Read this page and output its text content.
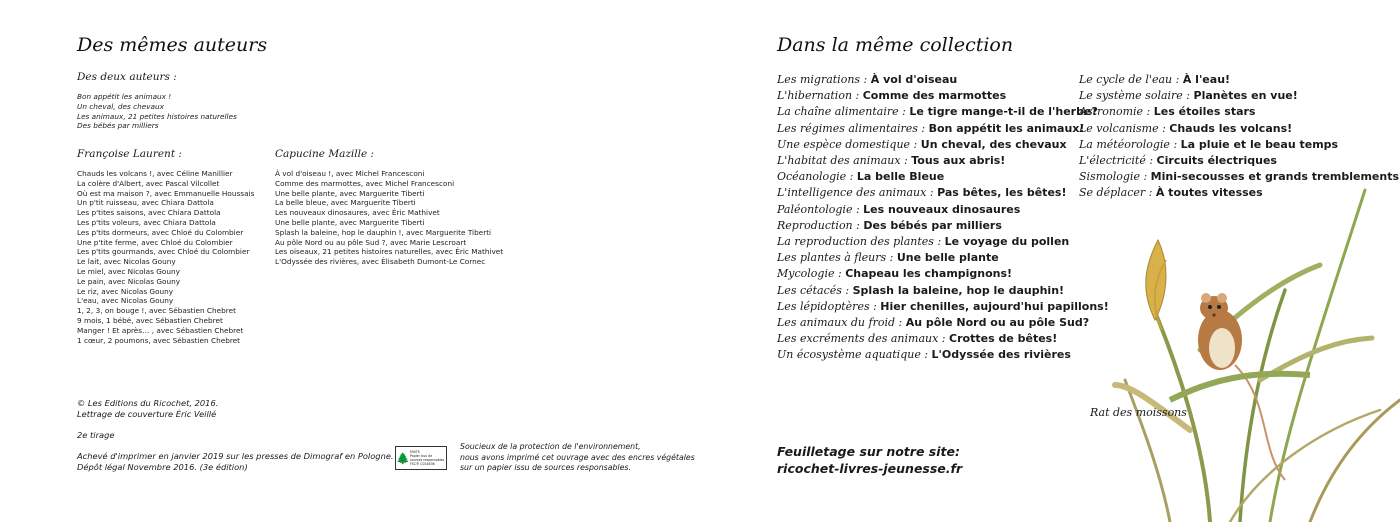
Des mêmes auteurs
Des deux auteurs :
Bon appétit les animaux !
Un cheval, des chevaux
Les animaux, 21 petites histoires naturelles
Des bébés par milliers
Françoise Laurent :
Chauds les volcans !, avec Céline Manillier
La colère d'Albert, avec Pascal Vilcollet
Où est ma maison ?, avec Emmanuelle Houssais
Un p'tit ruisseau, avec Chiara Dattola
Les p'tites saisons, avec Chiara Dattola
Les p'tits voleurs, avec Chiara Dattola
Les p'tits dormeurs, avec Chloé du Colombier
Une p'tite ferme, avec Chloé du Colombier
Les p'tits gourmands, avec Chloé du Colombier
Le lait, avec Nicolas Gouny
Le miel, avec Nicolas Gouny
Le pain, avec Nicolas Gouny
Le riz, avec Nicolas Gouny
L'eau, avec Nicolas Gouny
1, 2, 3, on bouge !, avec Sébastien Chebret
9 mois, 1 bébé, avec Sébastien Chebret
Manger ! Et après… , avec Sébastien Chebret
1 cœur, 2 poumons, avec Sébastien Chebret
Capucine Mazille :
À vol d'oiseau !, avec Michel Francesconi
Comme des marmottes, avec Michel Francesconi
Une belle plante, avec Marguerite Tiberti
La belle bleue, avec Marguerite Tiberti
Les nouveaux dinosaures, avec Éric Mathivet
Une belle plante, avec Marguerite Tiberti
Splash la baleine, hop le dauphin !, avec Marguerite Tiberti
Au pôle Nord ou au pôle Sud ?, avec Marie Lescroart
Les oiseaux, 21 petites histoires naturelles, avec Éric Mathivet
L'Odyssée des rivières, avec Élisabeth Dumont-Le Cornec
© Les Editions du Ricochet, 2016.
Lettrage de couverture Éric Veillé
2e tirage
Achevé d'imprimer en janvier 2019 sur les presses de Dimograf en Pologne.
Dépôt légal Novembre 2016. (3e édition)
🌲 MIXTE
Papier issu de
sources responsables
FSC® C014836
Soucieux de la protection de l'environnement,
nous avons imprimé cet ouvrage avec des encres végétales
sur un papier issu de sources responsables.
Dans la même collection
Les migrations : À vol d'oiseau
L'hibernation : Comme des marmottes
La chaîne alimentaire : Le tigre mange-t-il de l'herbe?
Les régimes alimentaires : Bon appétit les animaux!
Une espèce domestique : Un cheval, des chevaux
L'habitat des animaux : Tous aux abris!
Océanologie : La belle Bleue
L'intelligence des animaux : Pas bêtes, les bêtes!
Paléontologie : Les nouveaux dinosaures
Reproduction : Des bébés par milliers
La reproduction des plantes : Le voyage du pollen
Les plantes à fleurs : Une belle plante
Mycologie : Chapeau les champignons!
Les cétacés : Splash la baleine, hop le dauphin!
Les lépidoptères : Hier chenilles, aujourd'hui papillons!
Les animaux du froid : Au pôle Nord ou au pôle Sud?
Les excréments des animaux : Crottes de bêtes!
Un écosystème aquatique : L'Odyssée des rivières
Le cycle de l'eau : À l'eau!
Le système solaire : Planètes en vue!
Astronomie : Les étoiles stars
Le volcanisme : Chauds les volcans!
La météorologie : La pluie et le beau temps
L'électricité : Circuits électriques
Sismologie : Mini-secousses et grands tremblements
Se déplacer : À toutes vitesses
Feuilletage sur notre site:
ricochet-livres-jeunesse.fr
Rat des moissons
